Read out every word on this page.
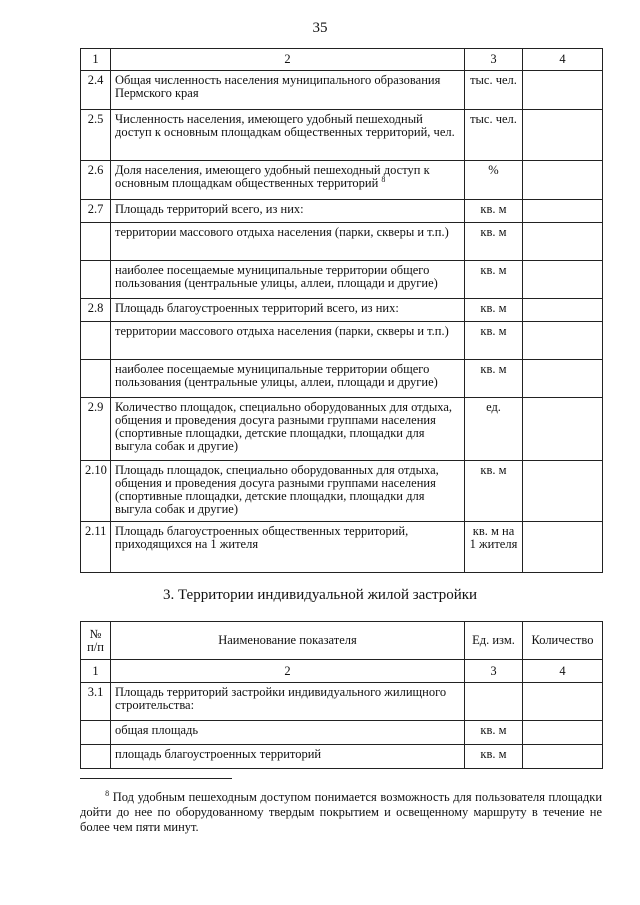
35
1	2	3	4
2.4	Общая численность населения муниципального образования Пермского края	тыс. чел.	
2.5	Численность населения, имеющего удобный пешеходный доступ к основным площадкам общественных территорий, чел.	тыс. чел.	
2.6	Доля населения, имеющего удобный пешеходный доступ к основным площадкам общественных территорий $^8$	%	
2.7	Площадь территорий всего, из них:	кв. м	
	территории массового отдыха населения (парки, скверы и т.п.)	кв. м	
	наиболее посещаемые муниципальные территории общего пользования (центральные улицы, аллеи, площади и другие)	кв. м	
2.8	Площадь благоустроенных территорий всего, из них:	кв. м	
	территории массового отдыха населения (парки, скверы и т.п.)	кв. м	
	наиболее посещаемые муниципальные территории общего пользования (центральные улицы, аллеи, площади и другие)	кв. м	
2.9	Количество площадок, специально оборудованных для отдыха, общения и проведения досуга разными группами населения (спортивные площадки, детские площадки, площадки для выгула собак и другие)	ед.	
2.10	Площадь площадок, специально оборудованных для отдыха, общения и проведения досуга разными группами населения (спортивные площадки, детские площадки, площадки для выгула собак и другие)	кв. м	
2.11	Площадь благоустроенных общественных территорий, приходящихся на 1 жителя	кв. м на 1 жителя	
3. Территории индивидуальной жилой застройки
№ п/п	Наименование показателя	Ед. изм.	Количество
1	2	3	4
3.1	Площадь территорий застройки индивидуального жилищного строительства:		
	общая площадь	кв. м	
	площадь благоустроенных территорий	кв. м	
$^8$ Под удобным пешеходным доступом понимается возможность для пользователя площадки дойти до нее по оборудованному твердым покрытием и освещенному маршруту в течение не более чем пяти минут.
